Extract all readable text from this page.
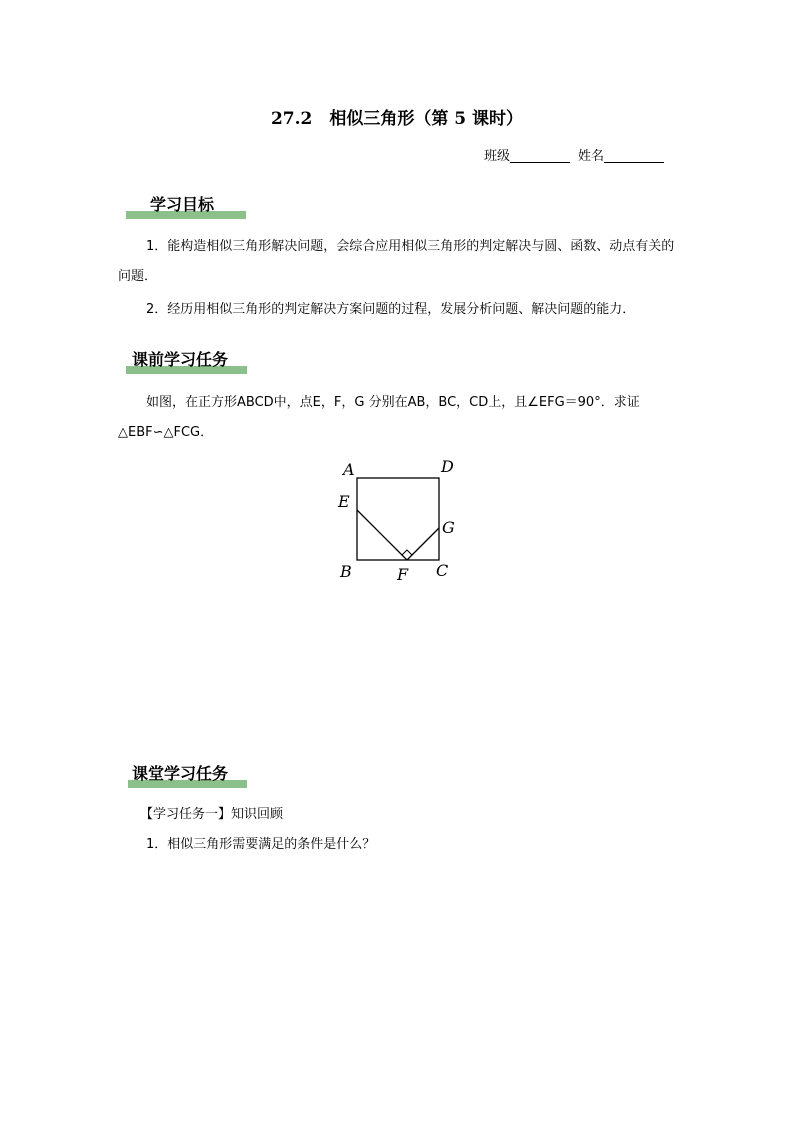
27.2　相似三角形（第 5 课时）
班级	姓名
学习目标
1．能构造相似三角形解决问题，会综合应用相似三角形的判定解决与圆、函数、动点有关的问题．
2．经历用相似三角形的判定解决方案问题的过程，发展分析问题、解决问题的能力．
课前学习任务
如图，在正方形ABCD中，点E，F，G 分别在AB，BC，CD上，且∠EFG＝90°．求证△EBF∽△FCG．
A	D
E
G
B	F C
课堂学习任务
【学习任务一】知识回顾
1．相似三角形需要满足的条件是什么？
